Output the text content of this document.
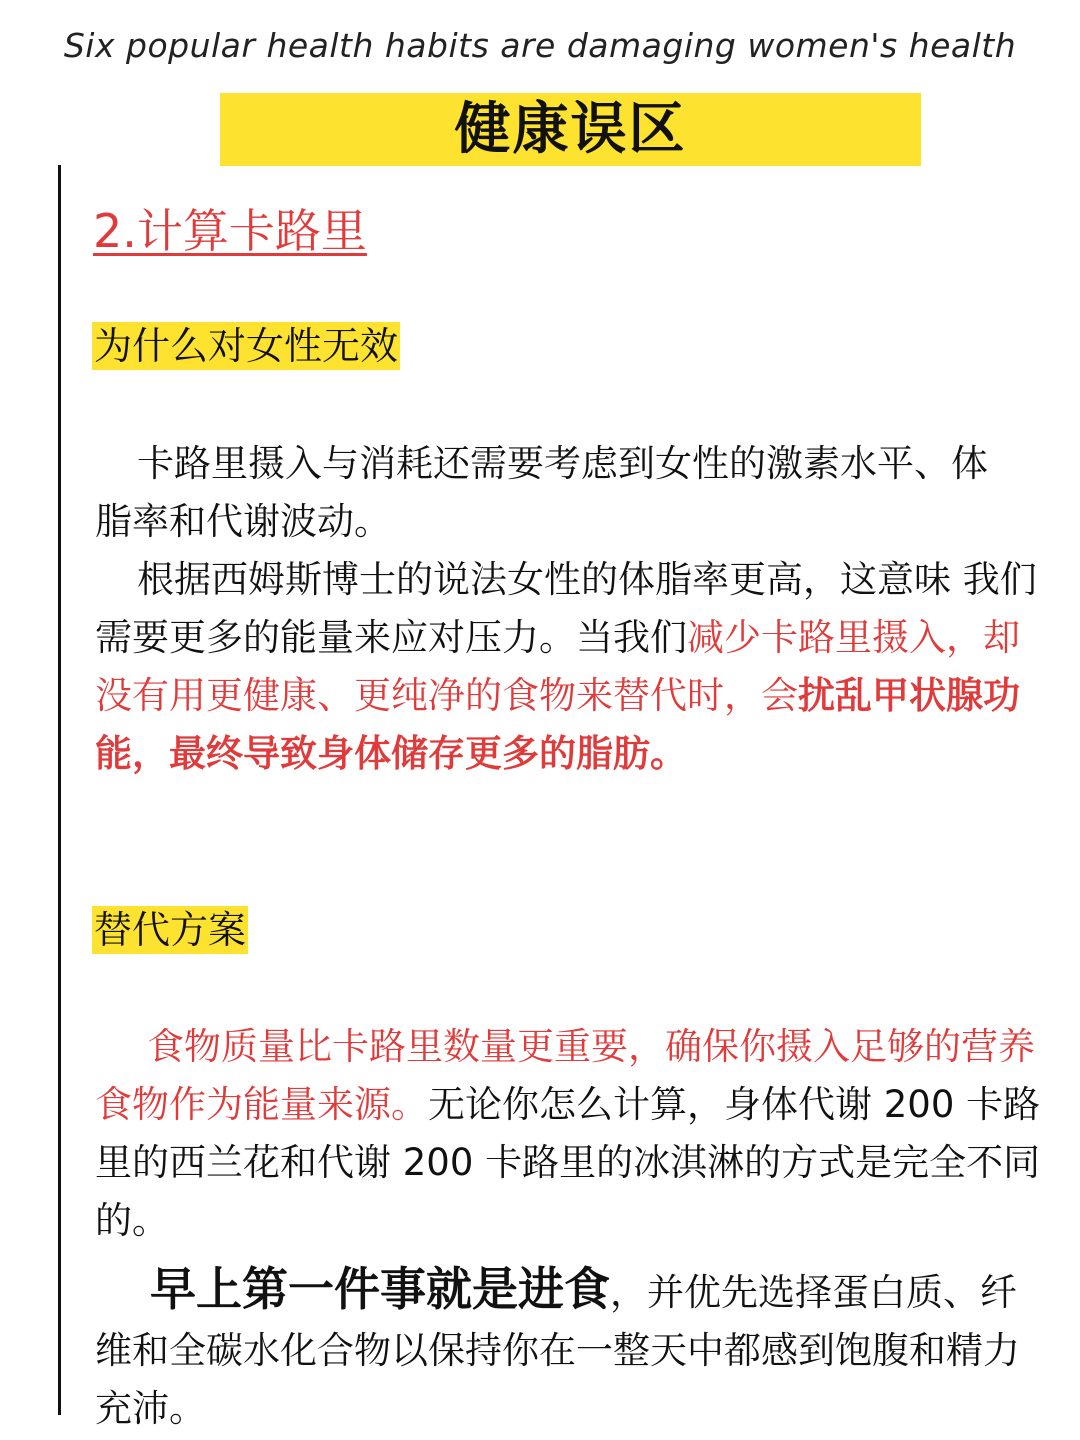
Six popular health habits are damaging women's health
健康误区
2.计算卡路里
为什么对女性无效
卡路里摄入与消耗还需要考虑到女性的激素水平、体脂率和代谢波动。
根据西姆斯博士的说法女性的体脂率更高，这意味 我们需要更多的能量来应对压力。当我们减少卡路里摄入，却没有用更健康、更纯净的食物来替代时，会扰乱甲状腺功能，最终导致身体储存更多的脂肪。
替代方案
食物质量比卡路里数量更重要，确保你摄入足够的营养食物作为能量来源。无论你怎么计算，身体代谢 200 卡路里的西兰花和代谢 200 卡路里的冰淇淋的方式是完全不同的。
早上第一件事就是进食，并优先选择蛋白质、纤维和全碳水化合物以保持你在一整天中都感到饱腹和精力充沛。
